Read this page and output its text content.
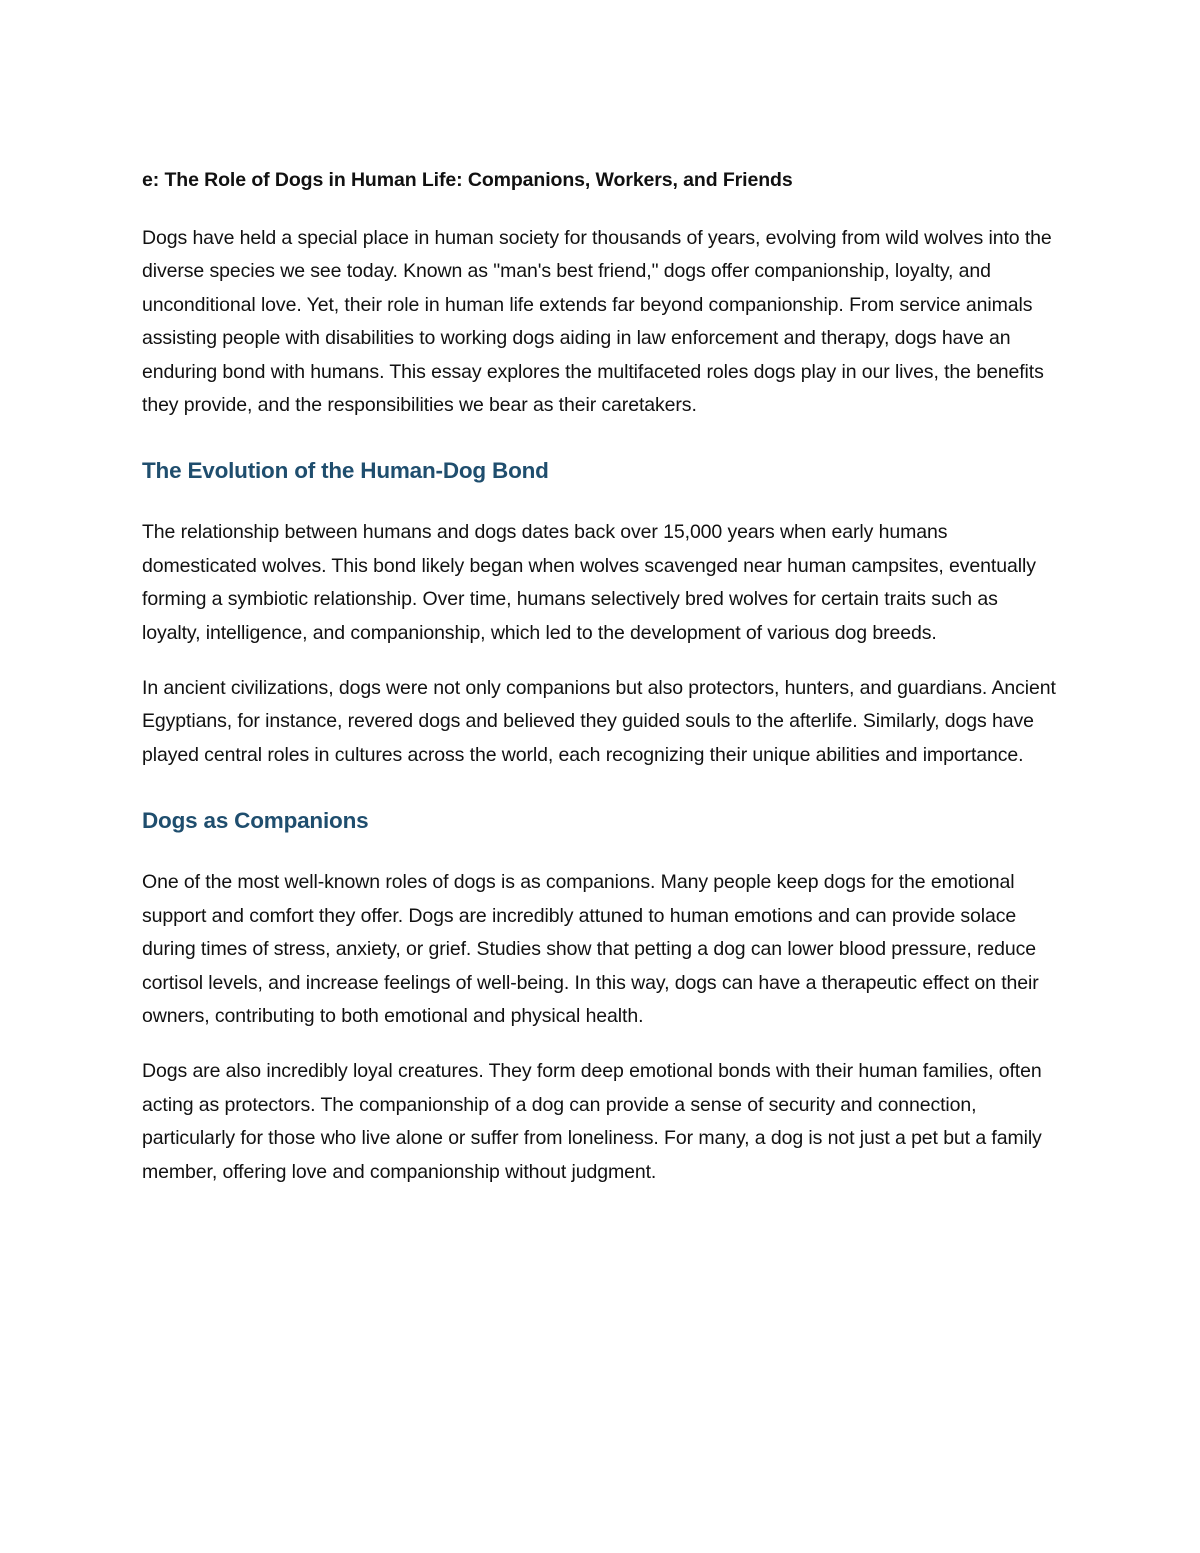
e: The Role of Dogs in Human Life: Companions, Workers, and Friends

Dogs have held a special place in human society for thousands of years, evolving from wild wolves into the diverse species we see today. Known as "man's best friend," dogs offer companionship, loyalty, and unconditional love. Yet, their role in human life extends far beyond companionship. From service animals assisting people with disabilities to working dogs aiding in law enforcement and therapy, dogs have an enduring bond with humans. This essay explores the multifaceted roles dogs play in our lives, the benefits they provide, and the responsibilities we bear as their caretakers.

The Evolution of the Human-Dog Bond

The relationship between humans and dogs dates back over 15,000 years when early humans domesticated wolves. This bond likely began when wolves scavenged near human campsites, eventually forming a symbiotic relationship. Over time, humans selectively bred wolves for certain traits such as loyalty, intelligence, and companionship, which led to the development of various dog breeds.

In ancient civilizations, dogs were not only companions but also protectors, hunters, and guardians. Ancient Egyptians, for instance, revered dogs and believed they guided souls to the afterlife. Similarly, dogs have played central roles in cultures across the world, each recognizing their unique abilities and importance.

Dogs as Companions

One of the most well-known roles of dogs is as companions. Many people keep dogs for the emotional support and comfort they offer. Dogs are incredibly attuned to human emotions and can provide solace during times of stress, anxiety, or grief. Studies show that petting a dog can lower blood pressure, reduce cortisol levels, and increase feelings of well-being. In this way, dogs can have a therapeutic effect on their owners, contributing to both emotional and physical health.

Dogs are also incredibly loyal creatures. They form deep emotional bonds with their human families, often acting as protectors. The companionship of a dog can provide a sense of security and connection, particularly for those who live alone or suffer from loneliness. For many, a dog is not just a pet but a family member, offering love and companionship without judgment.
